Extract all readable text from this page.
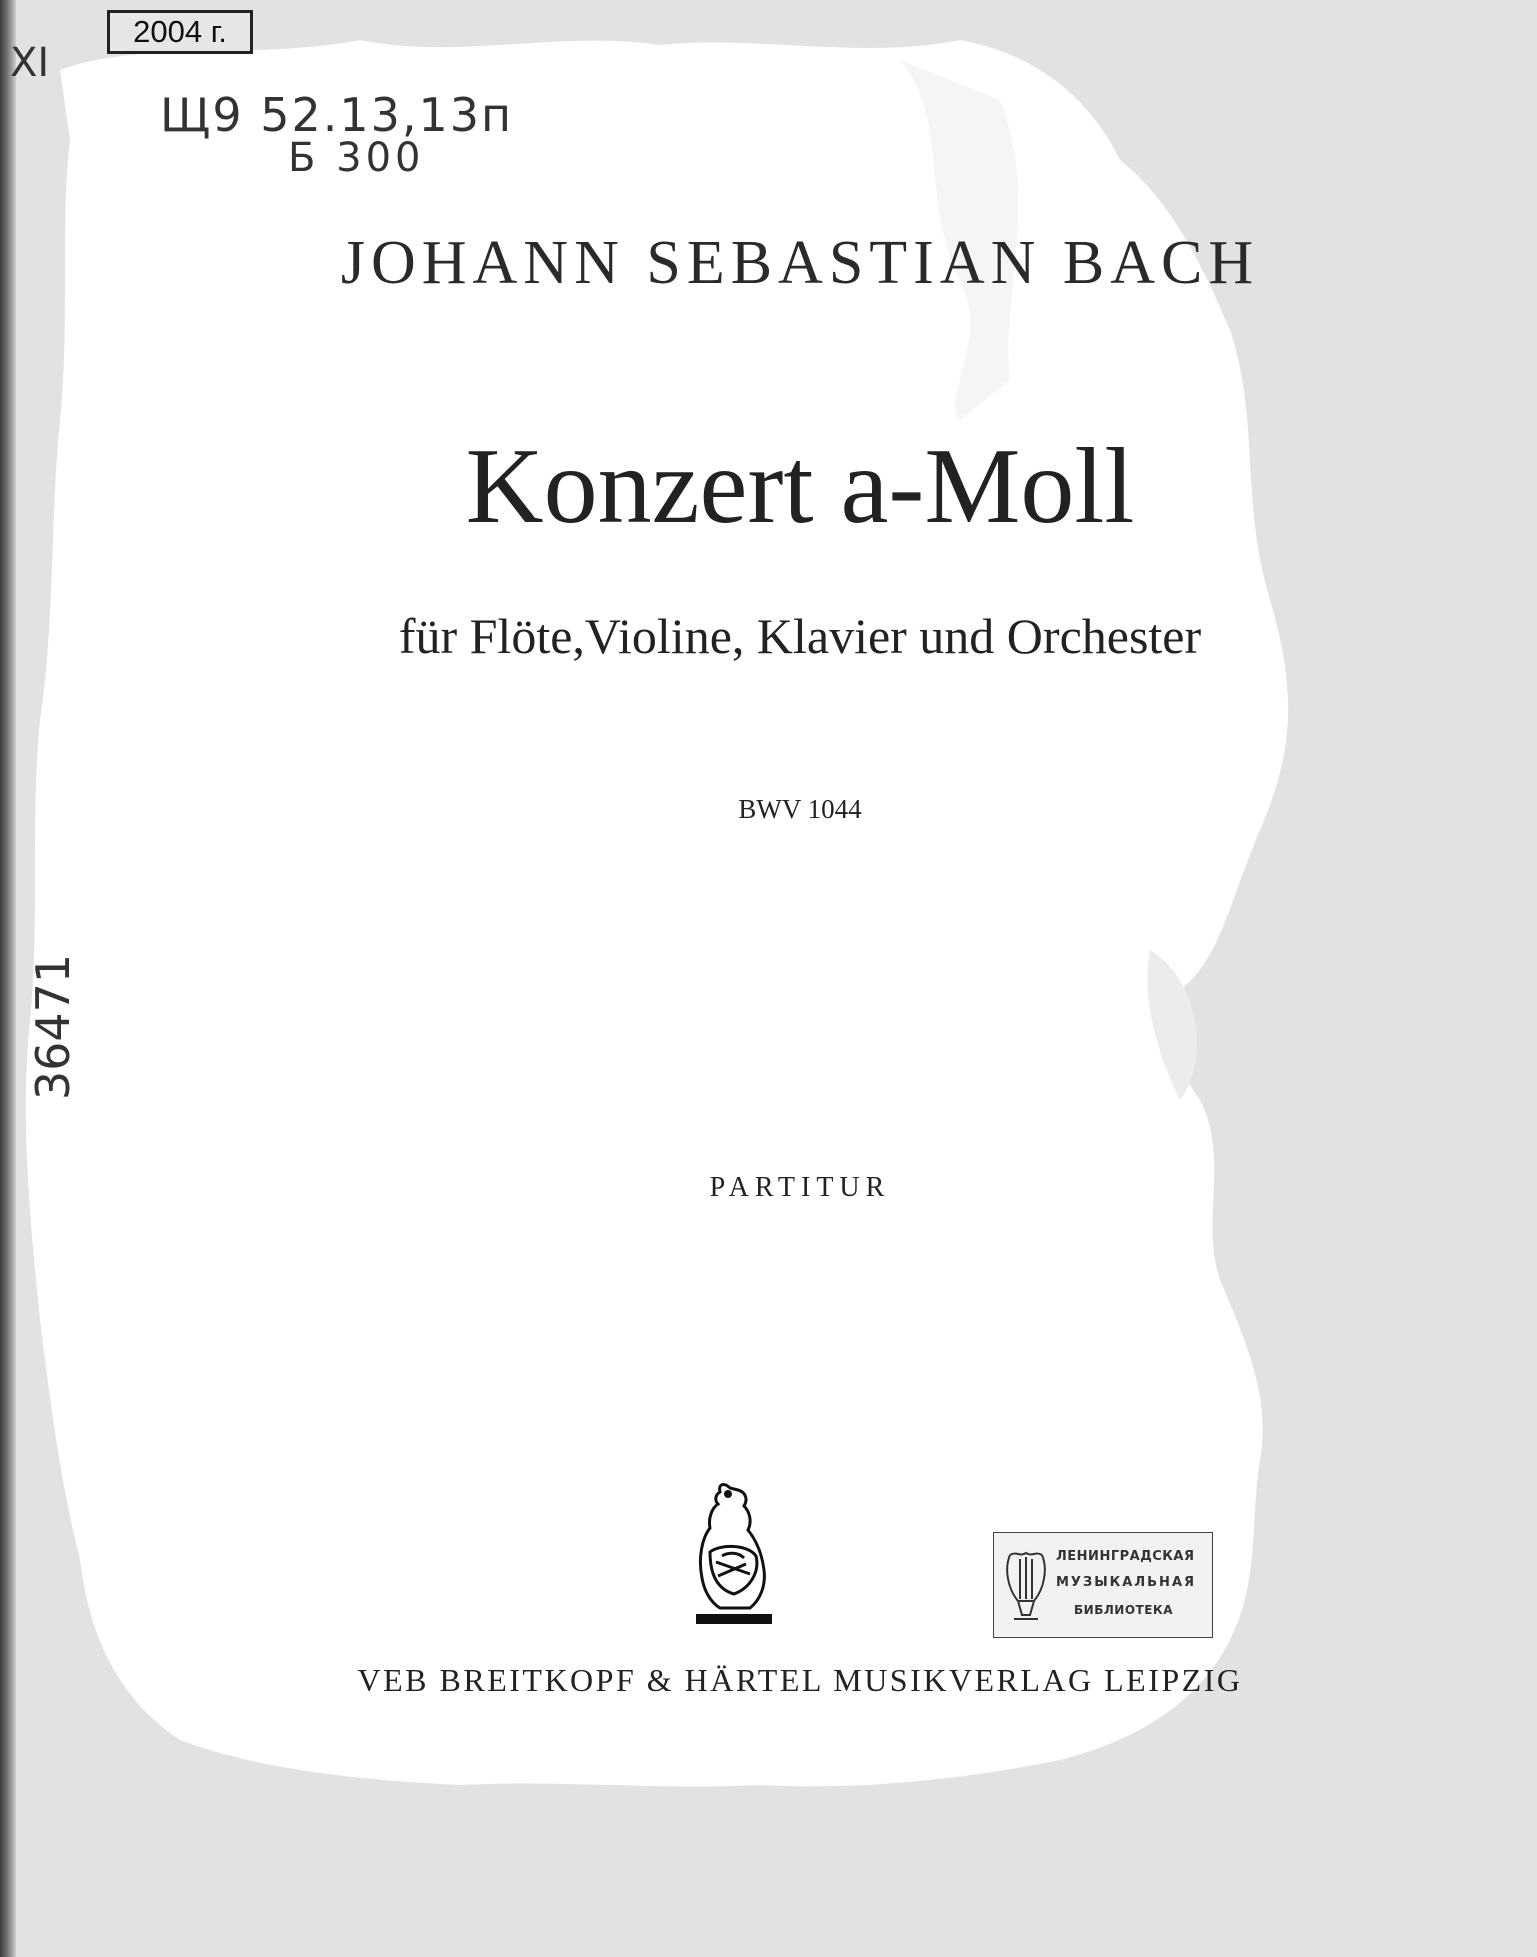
2004 г.
XI
Щ9 52.13,13п
Б 300
36471
JOHANN SEBASTIAN BACH
Konzert a-Moll
für Flöte,Violine, Klavier und Orchester
BWV 1044
PARTITUR
ЛЕНИНГРАДСКАЯ
МУЗЫКАЛЬНАЯ
БИБЛИОТЕКА
VEB BREITKOPF & HÄRTEL MUSIKVERLAG LEIPZIG
